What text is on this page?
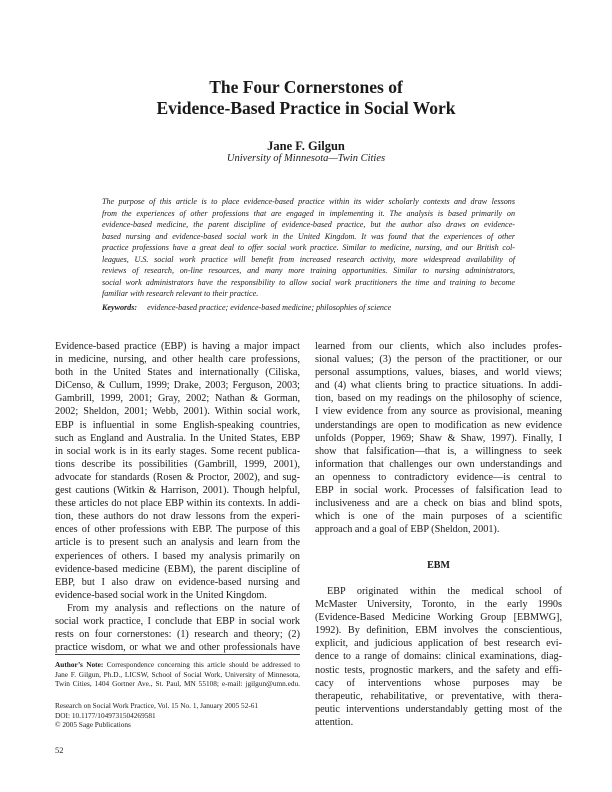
The Four Cornerstones of
Evidence-Based Practice in Social Work
Jane F. Gilgun
University of Minnesota—Twin Cities
The purpose of this article is to place evidence-based practice within its wider scholarly contexts and draw lessons
from the experiences of other professions that are engaged in implementing it. The analysis is based primarily on
evidence-based medicine, the parent discipline of evidence-based practice, but the author also draws on evidence-
based nursing and evidence-based social work in the United Kingdom. It was found that the experiences of other
practice professions have a great deal to offer social work practice. Similar to medicine, nursing, and our British col-
leagues, U.S. social work practice will benefit from increased research activity, more widespread availability of
reviews of research, on-line resources, and many more training opportunities. Similar to nursing administrators,
social work administrators have the responsibility to allow social work practitioners the time and training to become
familiar with research relevant to their practice.
Keywords: evidence-based practice; evidence-based medicine; philosophies of science
Evidence-based practice (EBP) is having a major impact
in medicine, nursing, and other health care professions,
both in the United States and internationally (Ciliska,
DiCenso, & Cullum, 1999; Drake, 2003; Ferguson, 2003;
Gambrill, 1999, 2001; Gray, 2002; Nathan & Gorman,
2002; Sheldon, 2001; Webb, 2001). Within social work,
EBP is influential in some English-speaking countries,
such as England and Australia. In the United States, EBP
in social work is in its early stages. Some recent publica-
tions describe its possibilities (Gambrill, 1999, 2001),
advocate for standards (Rosen & Proctor, 2002), and sug-
gest cautions (Witkin & Harrison, 2001). Though helpful,
these articles do not place EBP within its contexts. In addi-
tion, these authors do not draw lessons from the experi-
ences of other professions with EBP. The purpose of this
article is to present such an analysis and learn from the
experiences of others. I based my analysis primarily on
evidence-based medicine (EBM), the parent discipline of
EBP, but I also draw on evidence-based nursing and
evidence-based social work in the United Kingdom.
From my analysis and reflections on the nature of
social work practice, I conclude that EBP in social work
rests on four cornerstones: (1) research and theory; (2)
practice wisdom, or what we and other professionals have
learned from our clients, which also includes profes-
sional values; (3) the person of the practitioner, or our
personal assumptions, values, biases, and world views;
and (4) what clients bring to practice situations. In addi-
tion, based on my readings on the philosophy of science,
I view evidence from any source as provisional, meaning
understandings are open to modification as new evidence
unfolds (Popper, 1969; Shaw & Shaw, 1997). Finally, I
show that falsification—that is, a willingness to seek
information that challenges our own understandings and
an openness to contradictory evidence—is central to
EBP in social work. Processes of falsification lead to
inclusiveness and are a check on bias and blind spots,
which is one of the main purposes of a scientific
approach and a goal of EBP (Sheldon, 2001).
EBM
EBP originated within the medical school of
McMaster University, Toronto, in the early 1990s
(Evidence-Based Medicine Working Group [EBMWG],
1992). By definition, EBM involves the conscientious,
explicit, and judicious application of best research evi-
dence to a range of domains: clinical examinations, diag-
nostic tests, prognostic markers, and the safety and effi-
cacy of interventions whose purposes may be
therapeutic, rehabilitative, or preventative, with thera-
peutic interventions understandably getting most of the
attention.
Author’s Note: Correspondence concerning this article should be addressed to
Jane F. Gilgun, Ph.D., LICSW, School of Social Work, University of Minnesota,
Twin Cities, 1404 Gortner Ave., St. Paul, MN 55108; e-mail: jgilgun@umn.edu.
Research on Social Work Practice, Vol. 15 No. 1, January 2005 52-61
DOI: 10.1177/1049731504269581
© 2005 Sage Publications
52
